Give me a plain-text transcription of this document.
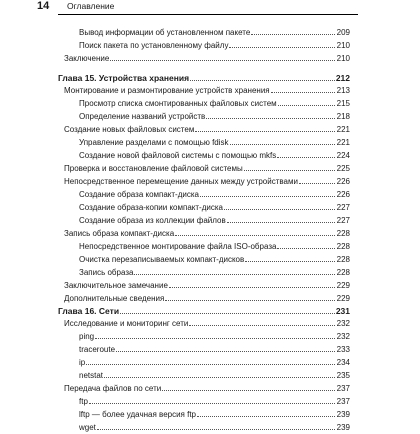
14 Оглавление
Вывод информации об установленном пакете	209
Поиск пакета по установленному файлу	210
Заключение	210
Глава 15. Устройства хранения	212
Монтирование и размонтирование устройств хранения	213
Просмотр списка смонтированных файловых систем	215
Определение названий устройств	218
Создание новых файловых систем	221
Управление разделами с помощью fdisk	221
Создание новой файловой системы с помощью mkfs	224
Проверка и восстановление файловой системы	225
Непосредственное перемещение данных между устройствами	226
Создание образа компакт-диска	226
Создание образа-копии компакт-диска	227
Создание образа из коллекции файлов	227
Запись образа компакт-диска	228
Непосредственное монтирование файла ISO-образа	228
Очистка перезаписываемых компакт-дисков	228
Запись образа	228
Заключительное замечание	229
Дополнительные сведения	229
Глава 16. Сети	231
Исследование и мониторинг сети	232
ping	232
traceroute	233
ip	234
netstat	235
Передача файлов по сети	237
ftp	237
lftp — более удачная версия ftp	239
wget	239
